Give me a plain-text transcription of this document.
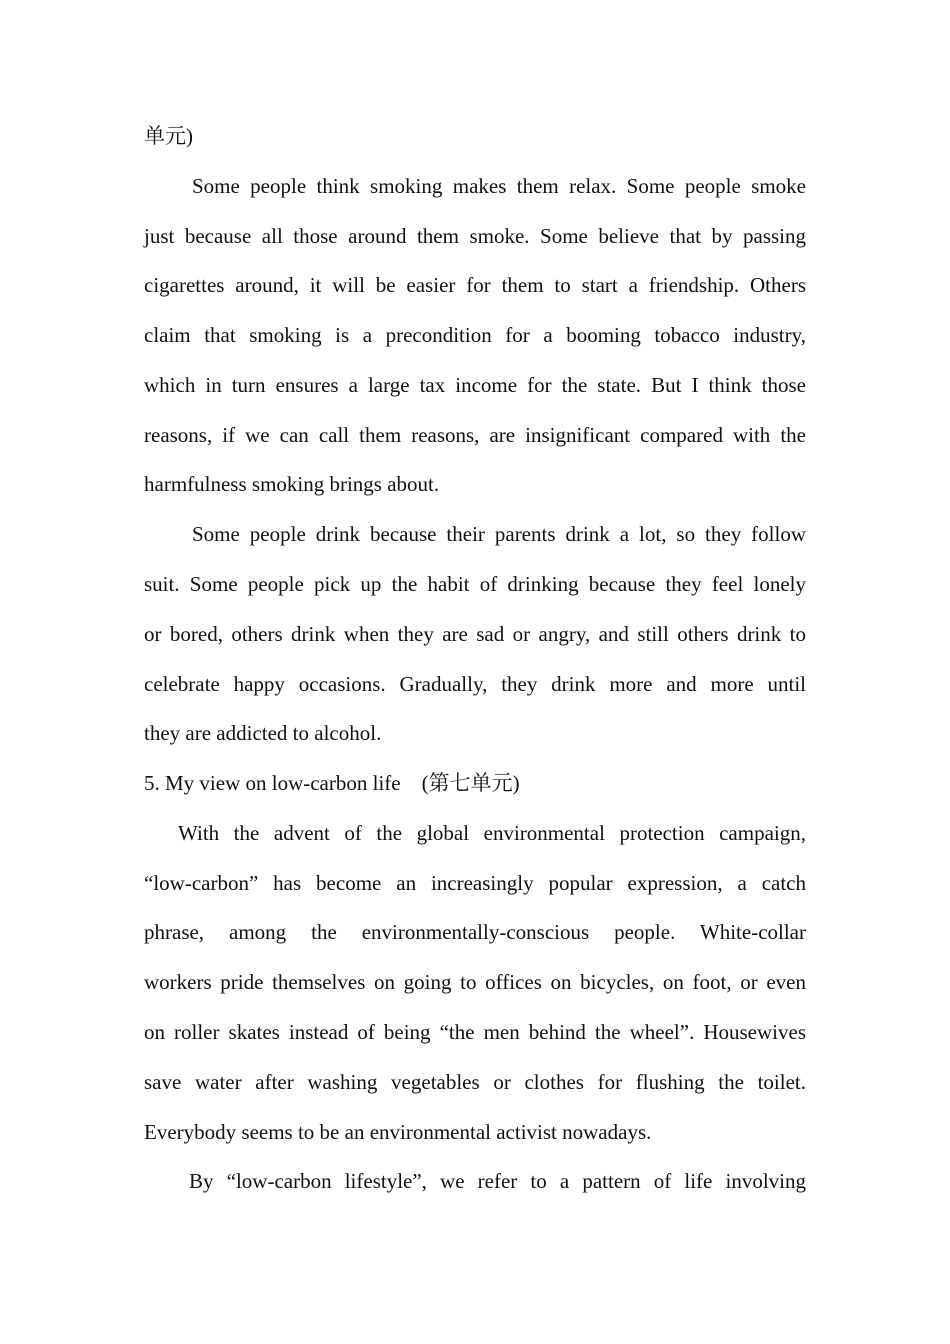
单元)
Some people think smoking makes them relax. Some people smoke
just because all those around them smoke. Some believe that by passing
cigarettes around, it will be easier for them to start a friendship. Others
claim that smoking is a precondition for a booming tobacco industry,
which in turn ensures a large tax income for the state. But I think those
reasons, if we can call them reasons, are insignificant compared with the
harmfulness smoking brings about.
Some people drink because their parents drink a lot, so they follow
suit. Some people pick up the habit of drinking because they feel lonely
or bored, others drink when they are sad or angry, and still others drink to
celebrate happy occasions. Gradually, they drink more and more until
they are addicted to alcohol.
5. My view on low-carbon life　(第七单元)
With the advent of the global environmental protection campaign,
“low-carbon” has become an increasingly popular expression, a catch
phrase, among the environmentally-conscious people. White-collar
workers pride themselves on going to offices on bicycles, on foot, or even
on roller skates instead of being “the men behind the wheel”. Housewives
save water after washing vegetables or clothes for flushing the toilet.
Everybody seems to be an environmental activist nowadays.
By “low-carbon lifestyle”, we refer to a pattern of life involving
